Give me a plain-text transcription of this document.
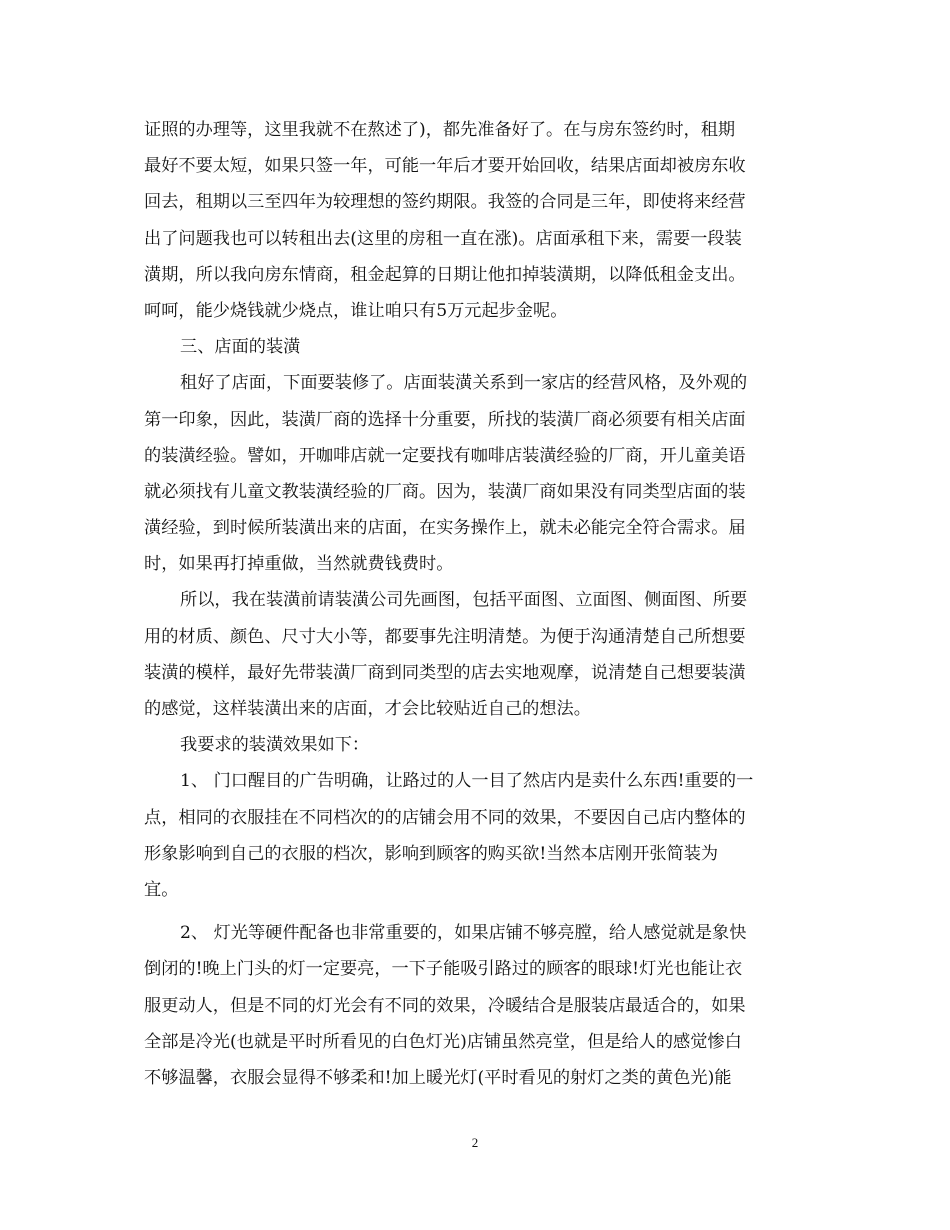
证照的办理等，这里我就不在熬述了)，都先准备好了。在与房东签约时，租期
最好不要太短，如果只签一年，可能一年后才要开始回收，结果店面却被房东收
回去，租期以三至四年为较理想的签约期限。我签的合同是三年，即使将来经营
出了问题我也可以转租出去(这里的房租一直在涨)。店面承租下来，需要一段装
潢期，所以我向房东情商，租金起算的日期让他扣掉装潢期，以降低租金支出。
呵呵，能少烧钱就少烧点，谁让咱只有5万元起步金呢。
三、店面的装潢
租好了店面，下面要装修了。店面装潢关系到一家店的经营风格，及外观的
第一印象，因此，装潢厂商的选择十分重要，所找的装潢厂商必须要有相关店面
的装潢经验。譬如，开咖啡店就一定要找有咖啡店装潢经验的厂商，开儿童美语
就必须找有儿童文教装潢经验的厂商。因为，装潢厂商如果没有同类型店面的装
潢经验，到时候所装潢出来的店面，在实务操作上，就未必能完全符合需求。届
时，如果再打掉重做，当然就费钱费时。
所以，我在装潢前请装潢公司先画图，包括平面图、立面图、侧面图、所要
用的材质、颜色、尺寸大小等，都要事先注明清楚。为便于沟通清楚自己所想要
装潢的模样，最好先带装潢厂商到同类型的店去实地观摩，说清楚自己想要装潢
的感觉，这样装潢出来的店面，才会比较贴近自己的想法。
我要求的装潢效果如下：
1、 门口醒目的广告明确，让路过的人一目了然店内是卖什么东西!重要的一
点，相同的衣服挂在不同档次的的店铺会用不同的效果，不要因自己店内整体的
形象影响到自己的衣服的档次，影响到顾客的购买欲!当然本店刚开张简装为
宜。
2、 灯光等硬件配备也非常重要的，如果店铺不够亮膛，给人感觉就是象快
倒闭的!晚上门头的灯一定要亮，一下子能吸引路过的顾客的眼球!灯光也能让衣
服更动人，但是不同的灯光会有不同的效果，冷暖结合是服装店最适合的，如果
全部是冷光(也就是平时所看见的白色灯光)店铺虽然亮堂，但是给人的感觉惨白
不够温馨，衣服会显得不够柔和!加上暖光灯(平时看见的射灯之类的黄色光)能
2
